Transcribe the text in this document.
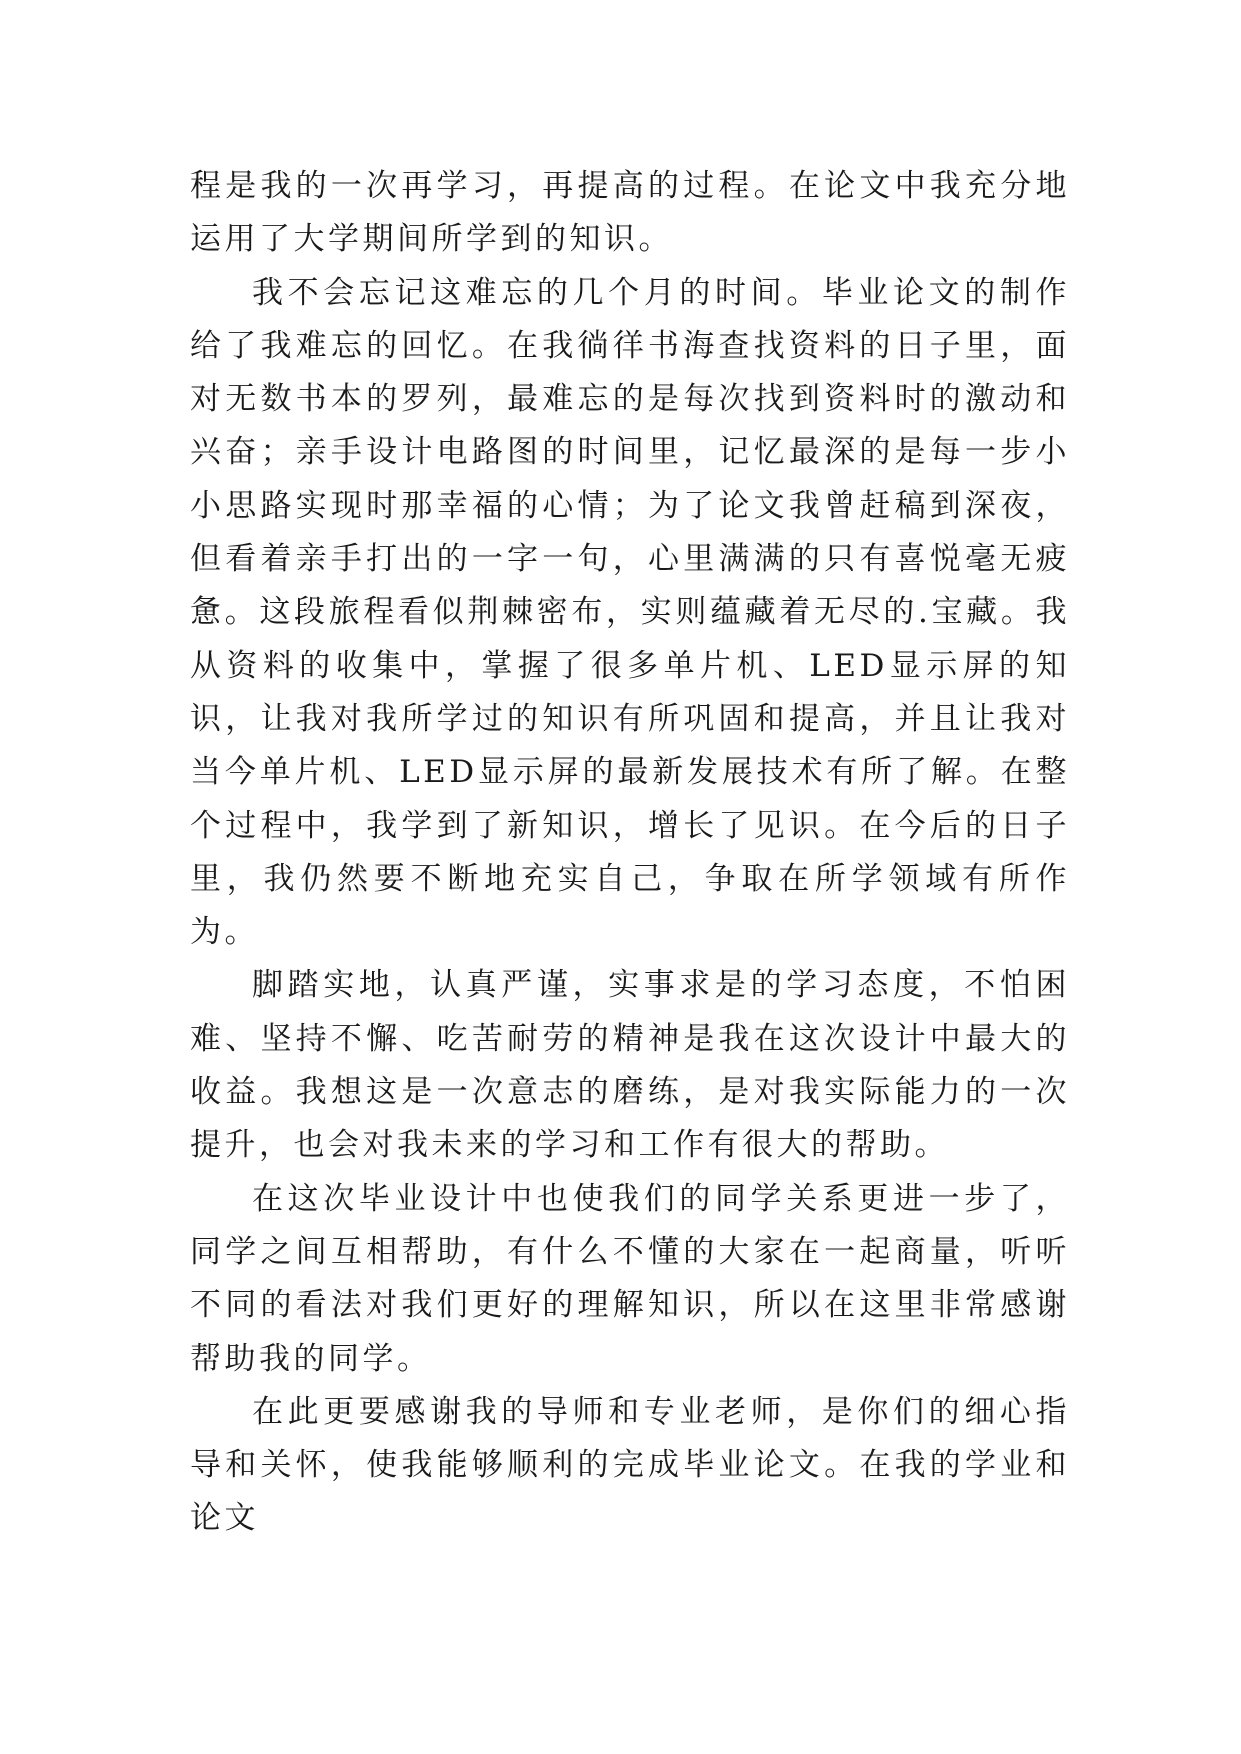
程是我的一次再学习，再提高的过程。在论文中我充分地运用了大学期间所学到的知识。

我不会忘记这难忘的几个月的时间。毕业论文的制作给了我难忘的回忆。在我徜徉书海查找资料的日子里，面对无数书本的罗列，最难忘的是每次找到资料时的激动和兴奋；亲手设计电路图的时间里，记忆最深的是每一步小小思路实现时那幸福的心情；为了论文我曾赶稿到深夜，但看着亲手打出的一字一句，心里满满的只有喜悦毫无疲惫。这段旅程看似荆棘密布，实则蕴藏着无尽的.宝藏。我从资料的收集中，掌握了很多单片机、LED显示屏的知识，让我对我所学过的知识有所巩固和提高，并且让我对当今单片机、LED显示屏的最新发展技术有所了解。在整个过程中，我学到了新知识，增长了见识。在今后的日子里，我仍然要不断地充实自己，争取在所学领域有所作为。

脚踏实地，认真严谨，实事求是的学习态度，不怕困难、坚持不懈、吃苦耐劳的精神是我在这次设计中最大的收益。我想这是一次意志的磨练，是对我实际能力的一次提升，也会对我未来的学习和工作有很大的帮助。

在这次毕业设计中也使我们的同学关系更进一步了，同学之间互相帮助，有什么不懂的大家在一起商量，听听不同的看法对我们更好的理解知识，所以在这里非常感谢帮助我的同学。

在此更要感谢我的导师和专业老师，是你们的细心指导和关怀，使我能够顺利的完成毕业论文。在我的学业和论文
